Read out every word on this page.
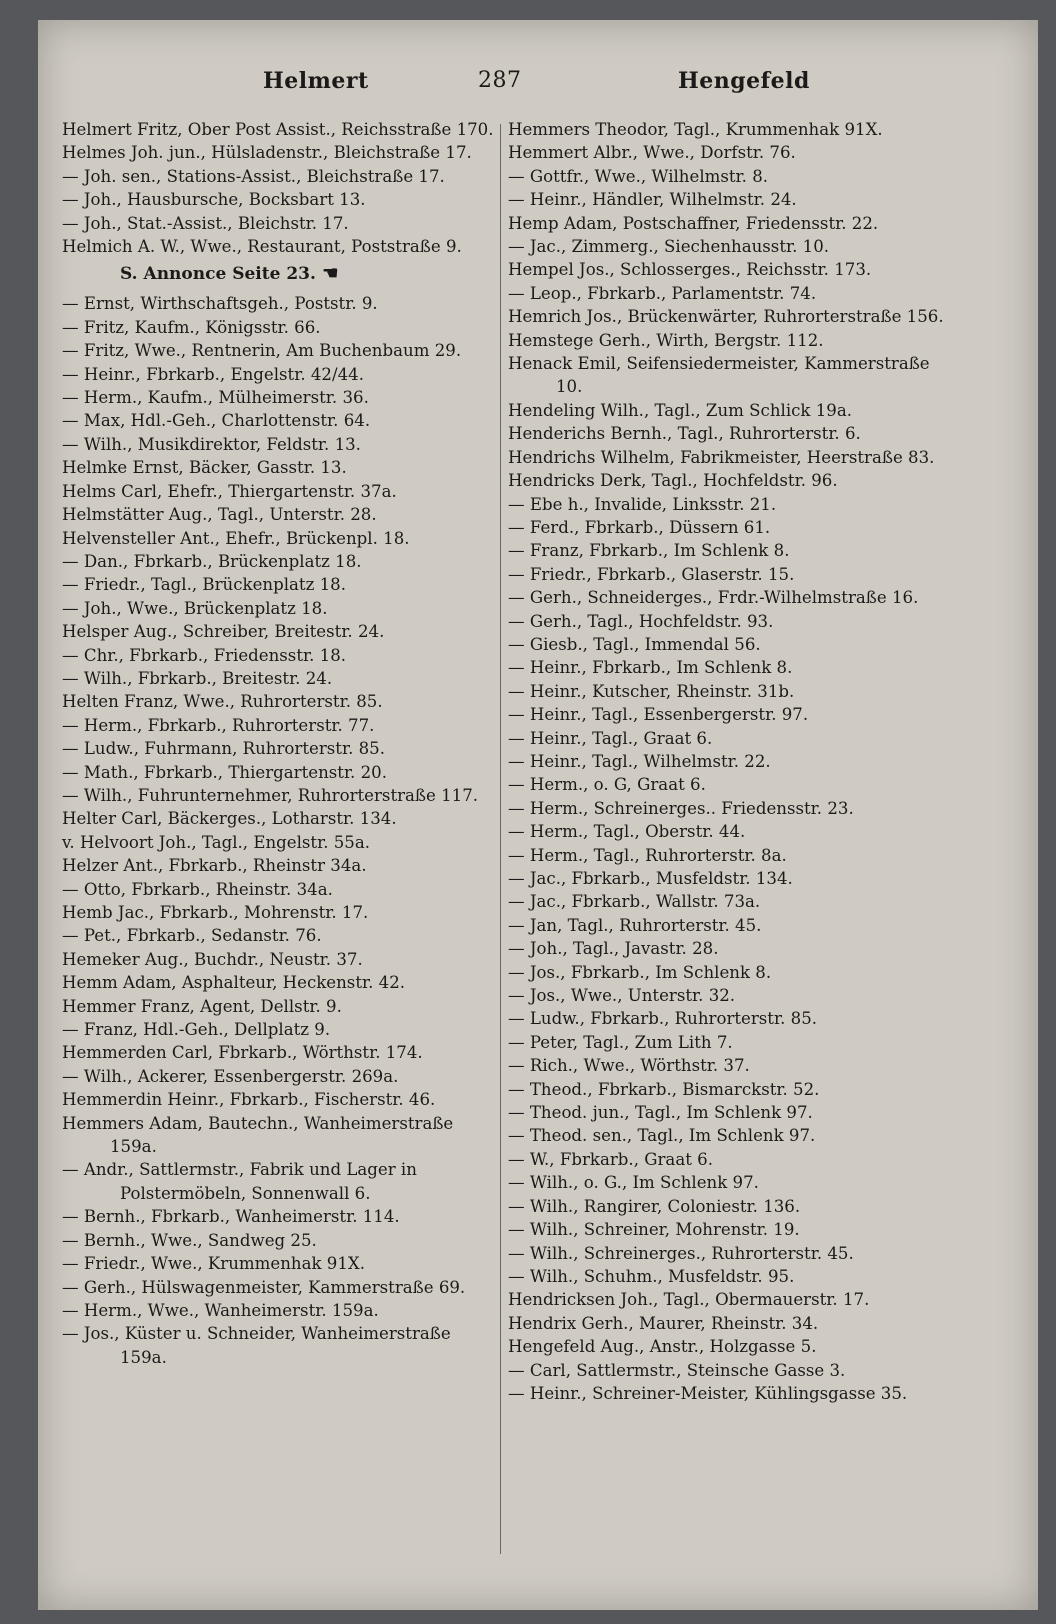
Helmert	287	Hengefeld
Helmert Fritz, Ober Post Assist., Reichsstraße 170.
Helmes Joh. jun., Hülsladenstr., Bleichstraße 17.
— Joh. sen., Stations-Assist., Bleichstraße 17.
— Joh., Hausbursche, Bocksbart 13.
— Joh., Stat.-Assist., Bleichstr. 17.
Helmich A. W., Wwe., Restaurant, Poststraße 9.
S. Annonce Seite 23. ☚
— Ernst, Wirthschaftsgeh., Poststr. 9.
— Fritz, Kaufm., Königsstr. 66.
— Fritz, Wwe., Rentnerin, Am Buchenbaum 29.
— Heinr., Fbrkarb., Engelstr. 42/44.
— Herm., Kaufm., Mülheimerstr. 36.
— Max, Hdl.-Geh., Charlottenstr. 64.
— Wilh., Musikdirektor, Feldstr. 13.
Helmke Ernst, Bäcker, Gasstr. 13.
Helms Carl, Ehefr., Thiergartenstr. 37a.
Helmstätter Aug., Tagl., Unterstr. 28.
Helvensteller Ant., Ehefr., Brückenpl. 18.
— Dan., Fbrkarb., Brückenplatz 18.
— Friedr., Tagl., Brückenplatz 18.
— Joh., Wwe., Brückenplatz 18.
Helsper Aug., Schreiber, Breitestr. 24.
— Chr., Fbrkarb., Friedensstr. 18.
— Wilh., Fbrkarb., Breitestr. 24.
Helten Franz, Wwe., Ruhrorterstr. 85.
— Herm., Fbrkarb., Ruhrorterstr. 77.
— Ludw., Fuhrmann, Ruhrorterstr. 85.
— Math., Fbrkarb., Thiergartenstr. 20.
— Wilh., Fuhrunternehmer, Ruhrorterstraße 117.
Helter Carl, Bäckerges., Lotharstr. 134.
v. Helvoort Joh., Tagl., Engelstr. 55a.
Helzer Ant., Fbrkarb., Rheinstr 34a.
— Otto, Fbrkarb., Rheinstr. 34a.
Hemb Jac., Fbrkarb., Mohrenstr. 17.
— Pet., Fbrkarb., Sedanstr. 76.
Hemeker Aug., Buchdr., Neustr. 37.
Hemm Adam, Asphalteur, Heckenstr. 42.
Hemmer Franz, Agent, Dellstr. 9.
— Franz, Hdl.-Geh., Dellplatz 9.
Hemmerden Carl, Fbrkarb., Wörthstr. 174.
— Wilh., Ackerer, Essenbergerstr. 269a.
Hemmerdin Heinr., Fbrkarb., Fischerstr. 46.
Hemmers Adam, Bautechn., Wanheimerstraße 159a.
— Andr., Sattlermstr., Fabrik und Lager in Polstermöbeln, Sonnenwall 6.
— Bernh., Fbrkarb., Wanheimerstr. 114.
— Bernh., Wwe., Sandweg 25.
— Friedr., Wwe., Krummenhak 91X.
— Gerh., Hülswagenmeister, Kammerstraße 69.
— Herm., Wwe., Wanheimerstr. 159a.
— Jos., Küster u. Schneider, Wanheimerstraße 159a.
Hemmers Theodor, Tagl., Krummenhak 91X.
Hemmert Albr., Wwe., Dorfstr. 76.
— Gottfr., Wwe., Wilhelmstr. 8.
— Heinr., Händler, Wilhelmstr. 24.
Hemp Adam, Postschaffner, Friedensstr. 22.
— Jac., Zimmerg., Siechenhausstr. 10.
Hempel Jos., Schlosserges., Reichsstr. 173.
— Leop., Fbrkarb., Parlamentstr. 74.
Hemrich Jos., Brückenwärter, Ruhrorterstraße 156.
Hemstege Gerh., Wirth, Bergstr. 112.
Henack Emil, Seifensiedermeister, Kammerstraße 10.
Hendeling Wilh., Tagl., Zum Schlick 19a.
Henderichs Bernh., Tagl., Ruhrorterstr. 6.
Hendrichs Wilhelm, Fabrikmeister, Heerstraße 83.
Hendricks Derk, Tagl., Hochfeldstr. 96.
— Ebe h., Invalide, Linksstr. 21.
— Ferd., Fbrkarb., Düssern 61.
— Franz, Fbrkarb., Im Schlenk 8.
— Friedr., Fbrkarb., Glaserstr. 15.
— Gerh., Schneiderges., Frdr.-Wilhelmstraße 16.
— Gerh., Tagl., Hochfeldstr. 93.
— Giesb., Tagl., Immendal 56.
— Heinr., Fbrkarb., Im Schlenk 8.
— Heinr., Kutscher, Rheinstr. 31b.
— Heinr., Tagl., Essenbergerstr. 97.
— Heinr., Tagl., Graat 6.
— Heinr., Tagl., Wilhelmstr. 22.
— Herm., o. G, Graat 6.
— Herm., Schreinerges.. Friedensstr. 23.
— Herm., Tagl., Oberstr. 44.
— Herm., Tagl., Ruhrorterstr. 8a.
— Jac., Fbrkarb., Musfeldstr. 134.
— Jac., Fbrkarb., Wallstr. 73a.
— Jan, Tagl., Ruhrorterstr. 45.
— Joh., Tagl., Javastr. 28.
— Jos., Fbrkarb., Im Schlenk 8.
— Jos., Wwe., Unterstr. 32.
— Ludw., Fbrkarb., Ruhrorterstr. 85.
— Peter, Tagl., Zum Lith 7.
— Rich., Wwe., Wörthstr. 37.
— Theod., Fbrkarb., Bismarckstr. 52.
— Theod. jun., Tagl., Im Schlenk 97.
— Theod. sen., Tagl., Im Schlenk 97.
— W., Fbrkarb., Graat 6.
— Wilh., o. G., Im Schlenk 97.
— Wilh., Rangirer, Coloniestr. 136.
— Wilh., Schreiner, Mohrenstr. 19.
— Wilh., Schreinerges., Ruhrorterstr. 45.
— Wilh., Schuhm., Musfeldstr. 95.
Hendricksen Joh., Tagl., Obermauerstr. 17.
Hendrix Gerh., Maurer, Rheinstr. 34.
Hengefeld Aug., Anstr., Holzgasse 5.
— Carl, Sattlermstr., Steinsche Gasse 3.
— Heinr., Schreiner-Meister, Kühlingsgasse 35.
